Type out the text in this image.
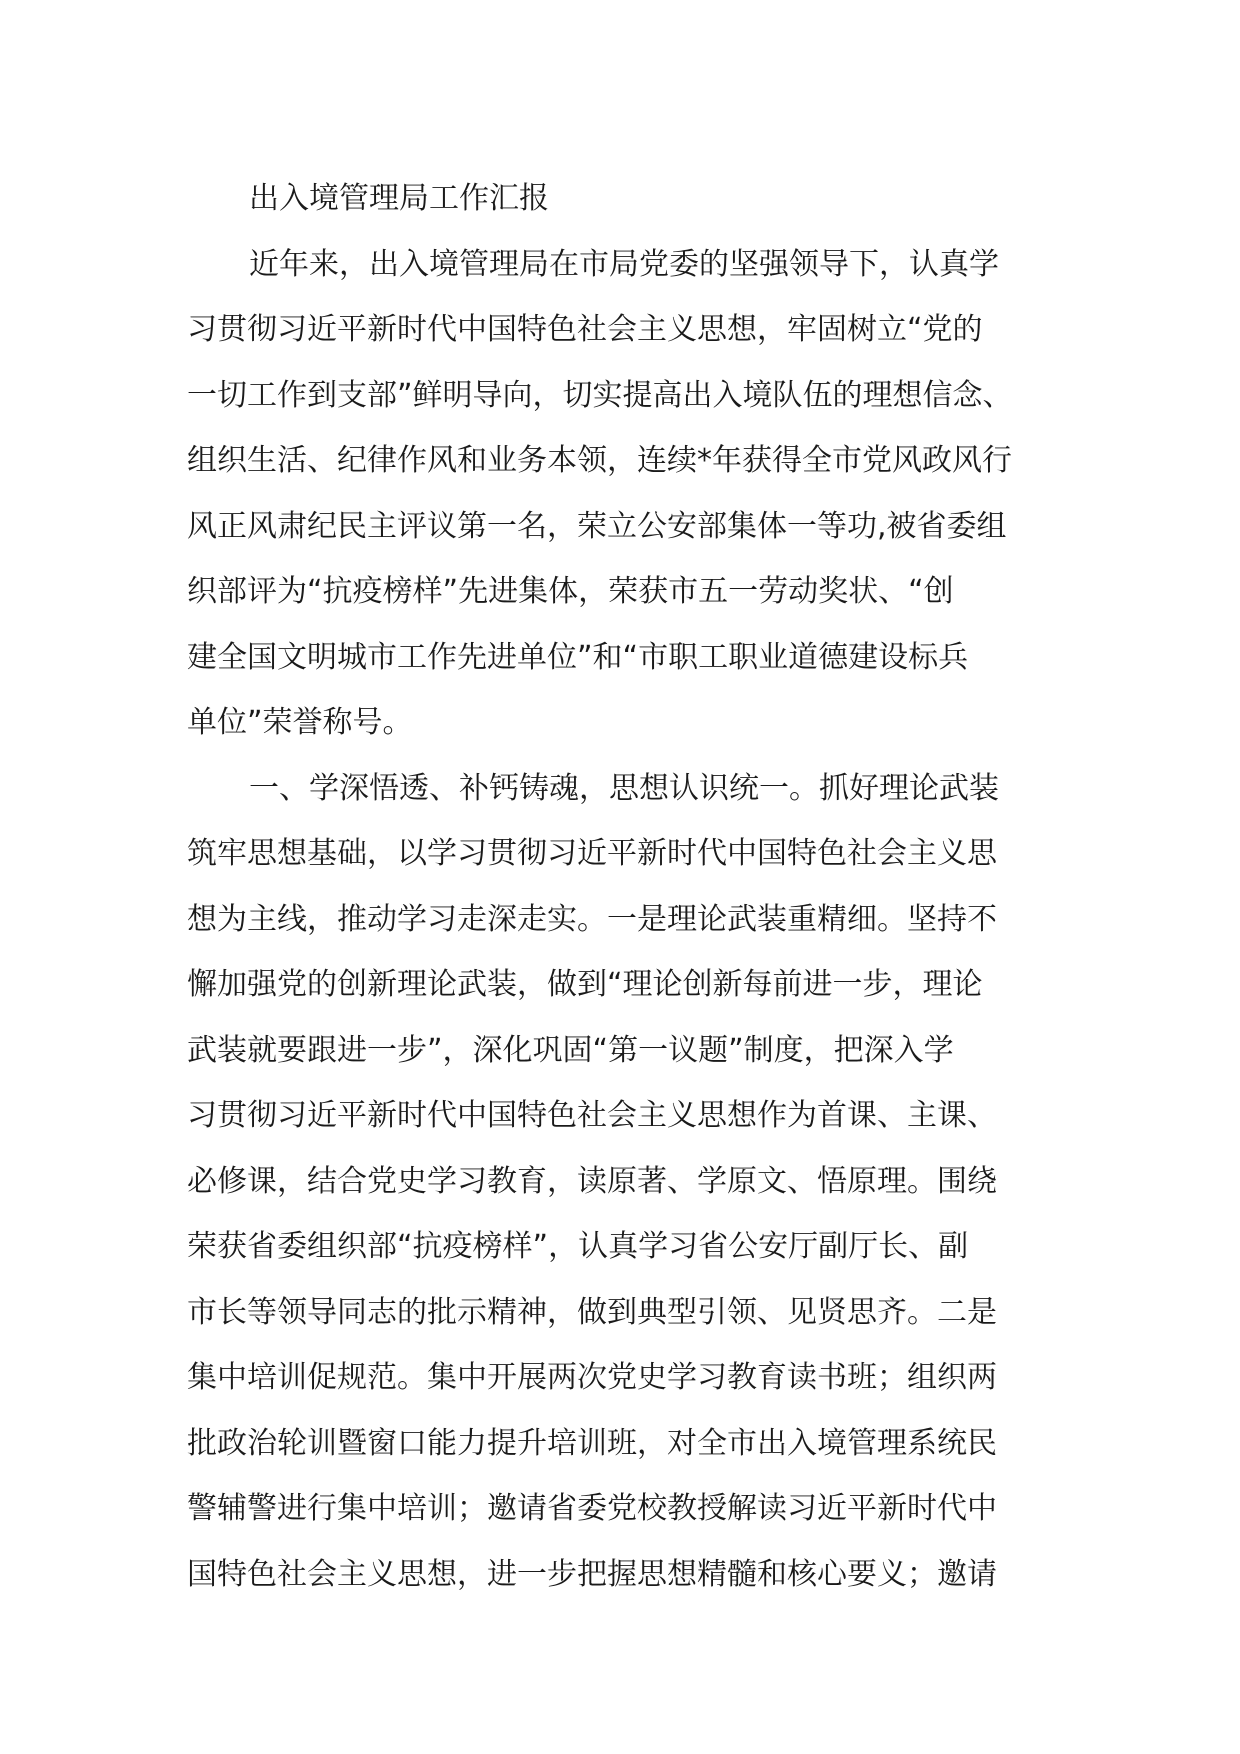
出入境管理局工作汇报

近年来，出入境管理局在市局党委的坚强领导下，认真学
习贯彻习近平新时代中国特色社会主义思想，牢固树立“党的
一切工作到支部”鲜明导向，切实提高出入境队伍的理想信念、
组织生活、纪律作风和业务本领，连续*年获得全市党风政风行
风正风肃纪民主评议第一名，荣立公安部集体一等功,被省委组
织部评为“抗疫榜样”先进集体，荣获市五一劳动奖状、“创
建全国文明城市工作先进单位”和“市职工职业道德建设标兵
单位”荣誉称号。

一、学深悟透、补钙铸魂，思想认识统一。抓好理论武装
筑牢思想基础，以学习贯彻习近平新时代中国特色社会主义思
想为主线，推动学习走深走实。一是理论武装重精细。坚持不
懈加强党的创新理论武装，做到“理论创新每前进一步，理论
武装就要跟进一步”，深化巩固“第一议题”制度，把深入学
习贯彻习近平新时代中国特色社会主义思想作为首课、主课、
必修课，结合党史学习教育，读原著、学原文、悟原理。围绕
荣获省委组织部“抗疫榜样”，认真学习省公安厅副厅长、副
市长等领导同志的批示精神，做到典型引领、见贤思齐。二是
集中培训促规范。集中开展两次党史学习教育读书班；组织两
批政治轮训暨窗口能力提升培训班，对全市出入境管理系统民
警辅警进行集中培训；邀请省委党校教授解读习近平新时代中
国特色社会主义思想，进一步把握思想精髓和核心要义；邀请
